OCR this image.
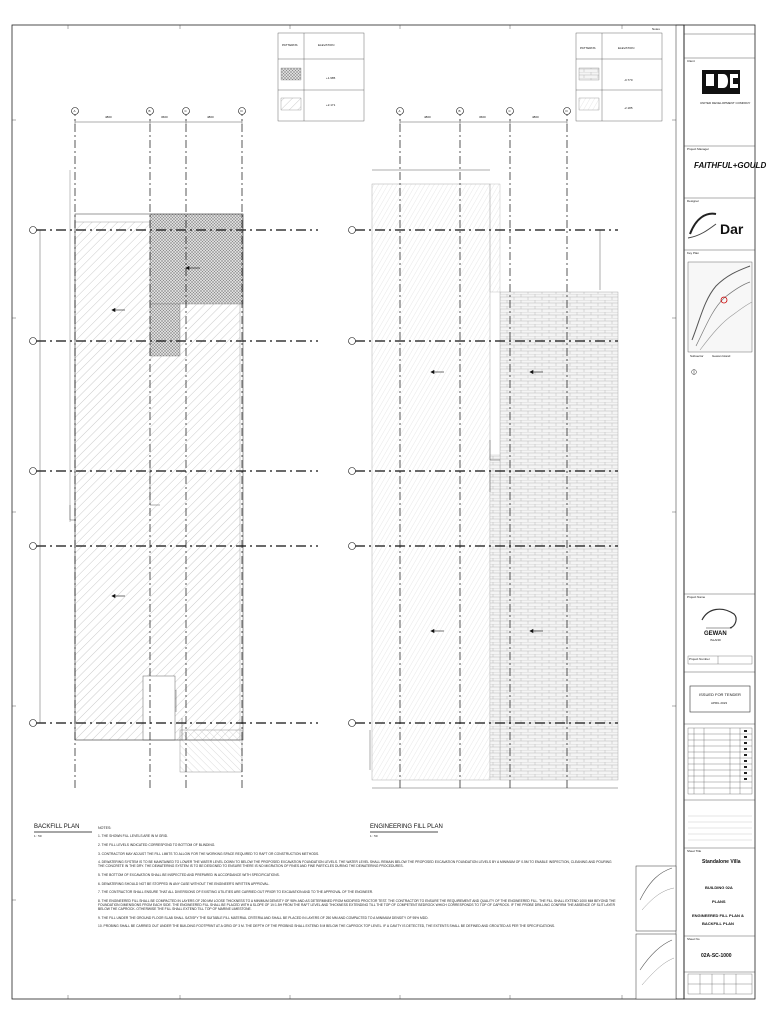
Notes
Client
UNITED DEVELOPMENT COMPANY
Project Manager
FAITHFUL+GOULD
Designer
Dar
Key Plan
Subsector	Gewan Island
Project Name
GEWAN
ISLAND
Project Number
ISSUED FOR TENDER
APRIL 2023
Sheet Title
Standalone Villa
BUILDING 02A
PLANS
ENGINEERED FILL PLAN &
BACKFILL PLAN
Sheet No
02A-SC-1000
PATTERNS	ELEVATION
+1.985
+2.171
PATTERNS	ELEVATION
-0.770
-2.185
A	B	C	D	A	B	C	D
4800	3600	4800	4800	3600	4800
BACKFILL PLAN
1 : 50
ENGINEERING FILL PLAN
1 : 50
NOTES:
1. THE SHOWN FILL LEVELS ARE IN M GRID.
2. THE FILL LEVELS INDICATED CORRESPOND TO BOTTOM OF BLINDING.
3. CONTRACTOR MAY ADJUST THE FILL LIMITS TO ALLOW FOR THE WORKING SPACE REQUIRED TO RAFT OR CONSTRUCTION METHODS.
4. DEWATERING SYSTEM IS TO BE MAINTAINED TO LOWER THE WATER LEVEL DOWN TO BELOW THE PROPOSED EXCAVATION FOUNDATION LEVELS. THE WATER LEVEL SHALL REMAIN BELOW THE PROPOSED EXCAVATION FOUNDATION LEVELS BY A MINIMUM OF 0.5M TO ENABLE INSPECTION, CLEANING AND POURING THE CONCRETE IN THE DRY. THE DEWATERING SYSTEM IS TO BE DESIGNED TO ENSURE THERE IS NO MIGRATION OF FINES AND FINE PARTICLES DURING THE DEWATERING PROCEDURES.
5. THE BOTTOM OF EXCAVATION SHALL BE INSPECTED AND PREPARED IN ACCORDANCE WITH SPECIFICATIONS.
6. DEWATERING SHOULD NOT BE STOPPED IN ANY CASE WITHOUT THE ENGINEER'S WRITTEN APPROVAL.
7. THE CONTRACTOR SHALL ENSURE THAT ALL DIVERSIONS OF EXISTING UTILITIES ARE CARRIED OUT PRIOR TO EXCAVATION AND TO THE APPROVAL OF THE ENGINEER.
8. THE ENGINEERED FILL SHALL BE COMPACTED IN LAYERS OF 250 MM LOOSE THICKNESS TO A MINIMUM DENSITY OF 98% AND AS DETERMINED FROM MODIFIED PROCTOR TEST. THE CONTRACTOR TO ENSURE THE REQUIREMENT AND QUALITY OF THE ENGINEERED FILL. THE FILL SHALL EXTEND 1000 MM BEYOND THE FOUNDATION DIMENSIONS FROM EACH SIDE. THE ENGINEERED FILL SHALL BE PLACED WITH A SLOPE OF 1V:1.5H FROM THE RAFT LEVEL AND THICKNESS EXTENDING TILL THE TOP OF COMPETENT BEDROCK WHICH CORRESPONDS TO TOP OF CAPROCK. IF THE PROBE DRILLING CONFIRM THE ABSENCE OF SLIT LAYER BELOW THE CAPROCK. OTHERWISE THE FILL SHALL EXTEND TILL TOP OF MARINE LIMESTONE.
9. THE FILL UNDER THE GROUND FLOOR SLAB SHALL SATISFY THE SUITABLE FILL MATERIAL CRITERIA AND SHALL BE PLACED IN LAYERS OF 250 MM AND COMPACTED TO A MINIMUM DENSITY OF 95% MDD.
10. PROBING SHALL BE CARRIED OUT UNDER THE BUILDING FOOTPRINT AT A GRID OF 3 M. THE DEPTH OF THE PROBING SHALL EXTEND 5 M BELOW THE CAPROCK TOP LEVEL. IF A CAVITY IS DETECTED, THE EXTENTS SHALL BE DEFINED AND GROUTED AS PER THE SPECIFICATIONS.
